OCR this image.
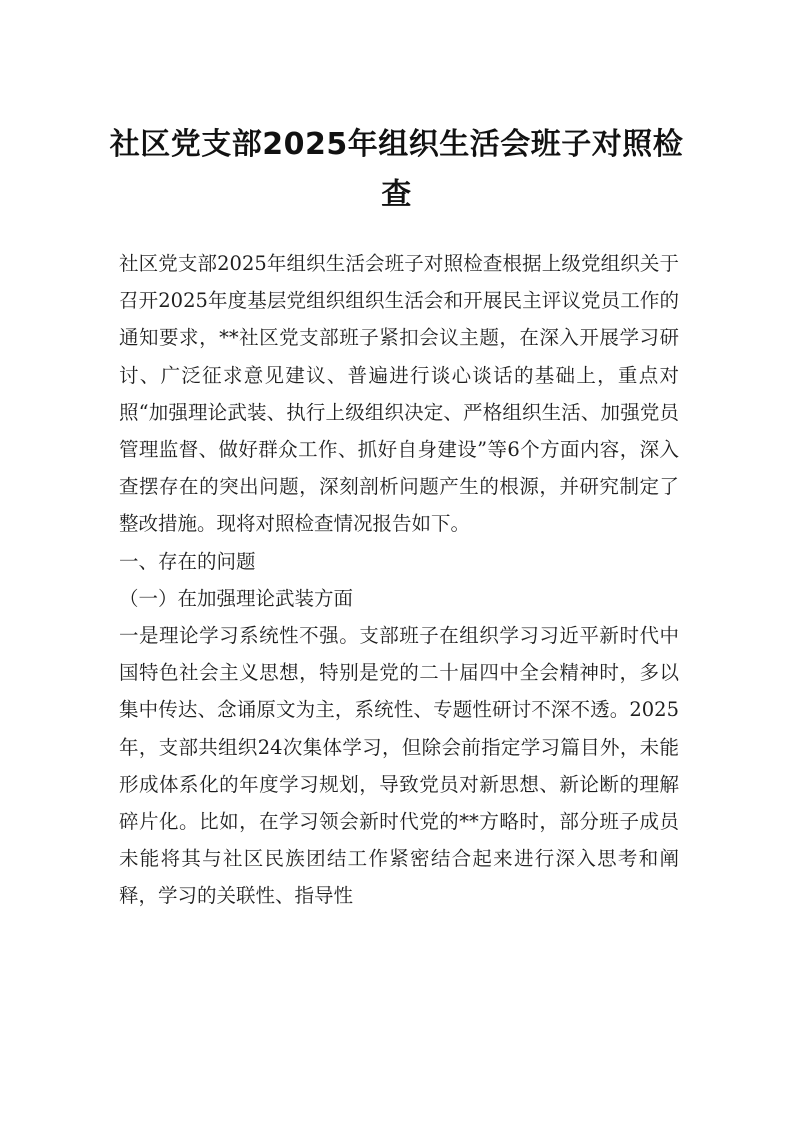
社区党支部2025年组织生活会班子对照检查

社区党支部2025年组织生活会班子对照检查根据上级党组织关于召开2025年度基层党组织组织生活会和开展民主评议党员工作的通知要求，**社区党支部班子紧扣会议主题，在深入开展学习研讨、广泛征求意见建议、普遍进行谈心谈话的基础上，重点对照“加强理论武装、执行上级组织决定、严格组织生活、加强党员管理监督、做好群众工作、抓好自身建设”等6个方面内容，深入查摆存在的突出问题，深刻剖析问题产生的根源，并研究制定了整改措施。现将对照检查情况报告如下。

一、存在的问题

（一）在加强理论武装方面

一是理论学习系统性不强。支部班子在组织学习习近平新时代中国特色社会主义思想，特别是党的二十届四中全会精神时，多以集中传达、念诵原文为主，系统性、专题性研讨不深不透。2025年，支部共组织24次集体学习，但除会前指定学习篇目外，未能形成体系化的年度学习规划，导致党员对新思想、新论断的理解碎片化。比如，在学习领会新时代党的**方略时，部分班子成员未能将其与社区民族团结工作紧密结合起来进行深入思考和阐释，学习的关联性、指导性
